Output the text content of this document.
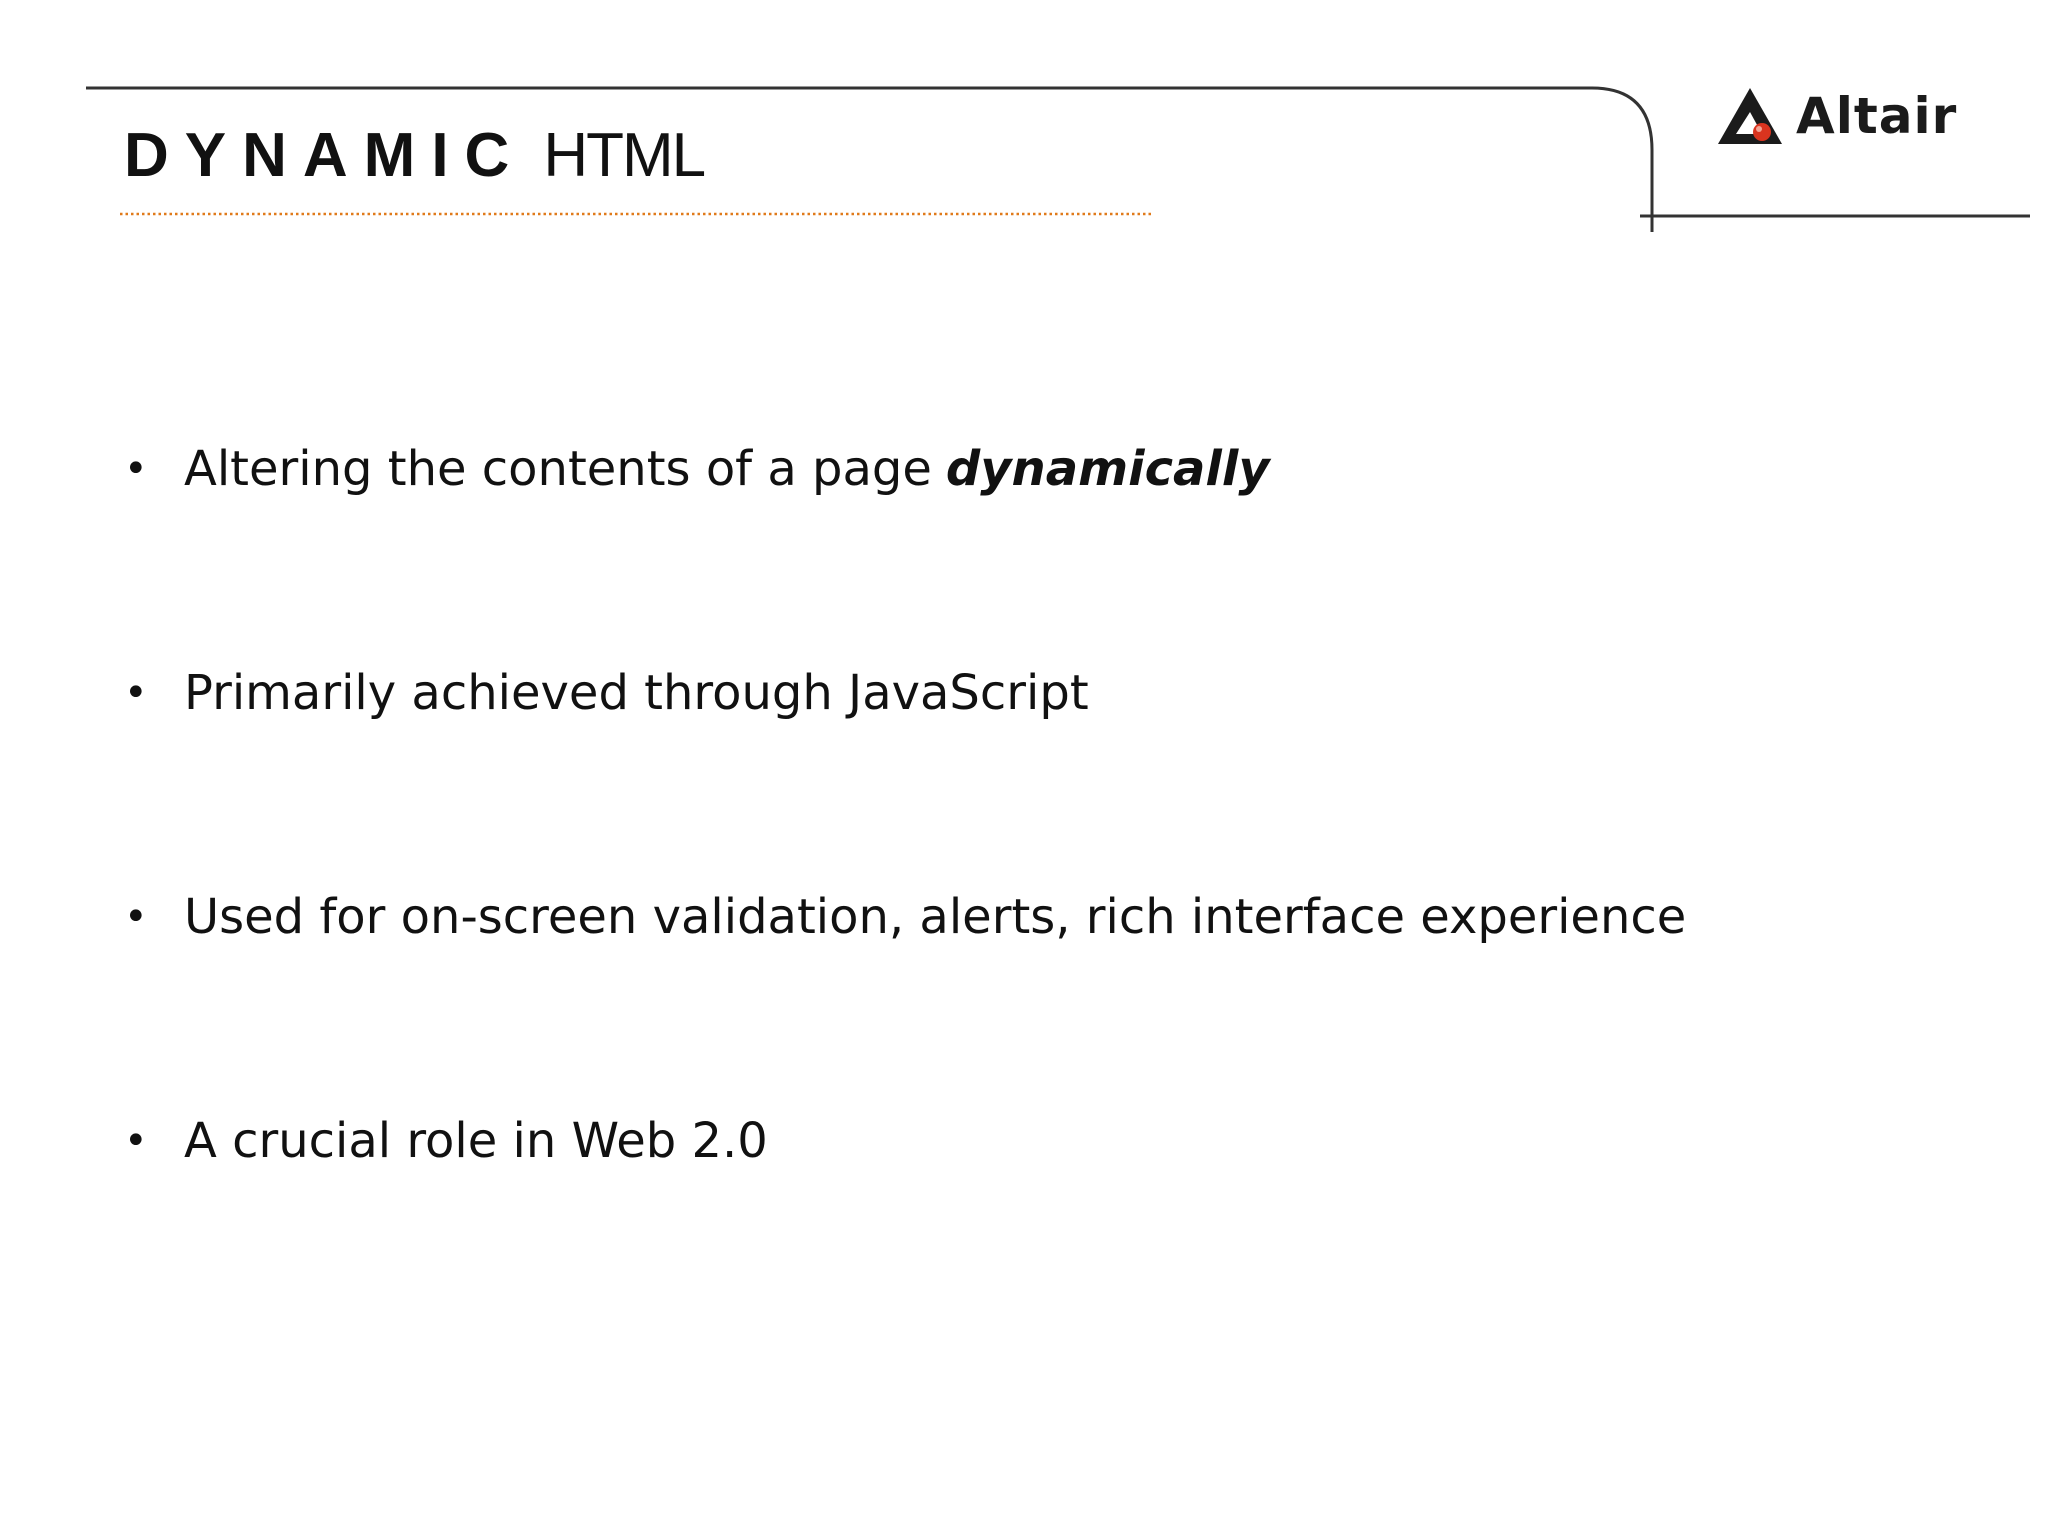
DYNAMIC HTML
Altair
• Altering the contents of a page dynamically
• Primarily achieved through JavaScript
• Used for on-screen validation, alerts, rich interface experience
• A crucial role in Web 2.0
